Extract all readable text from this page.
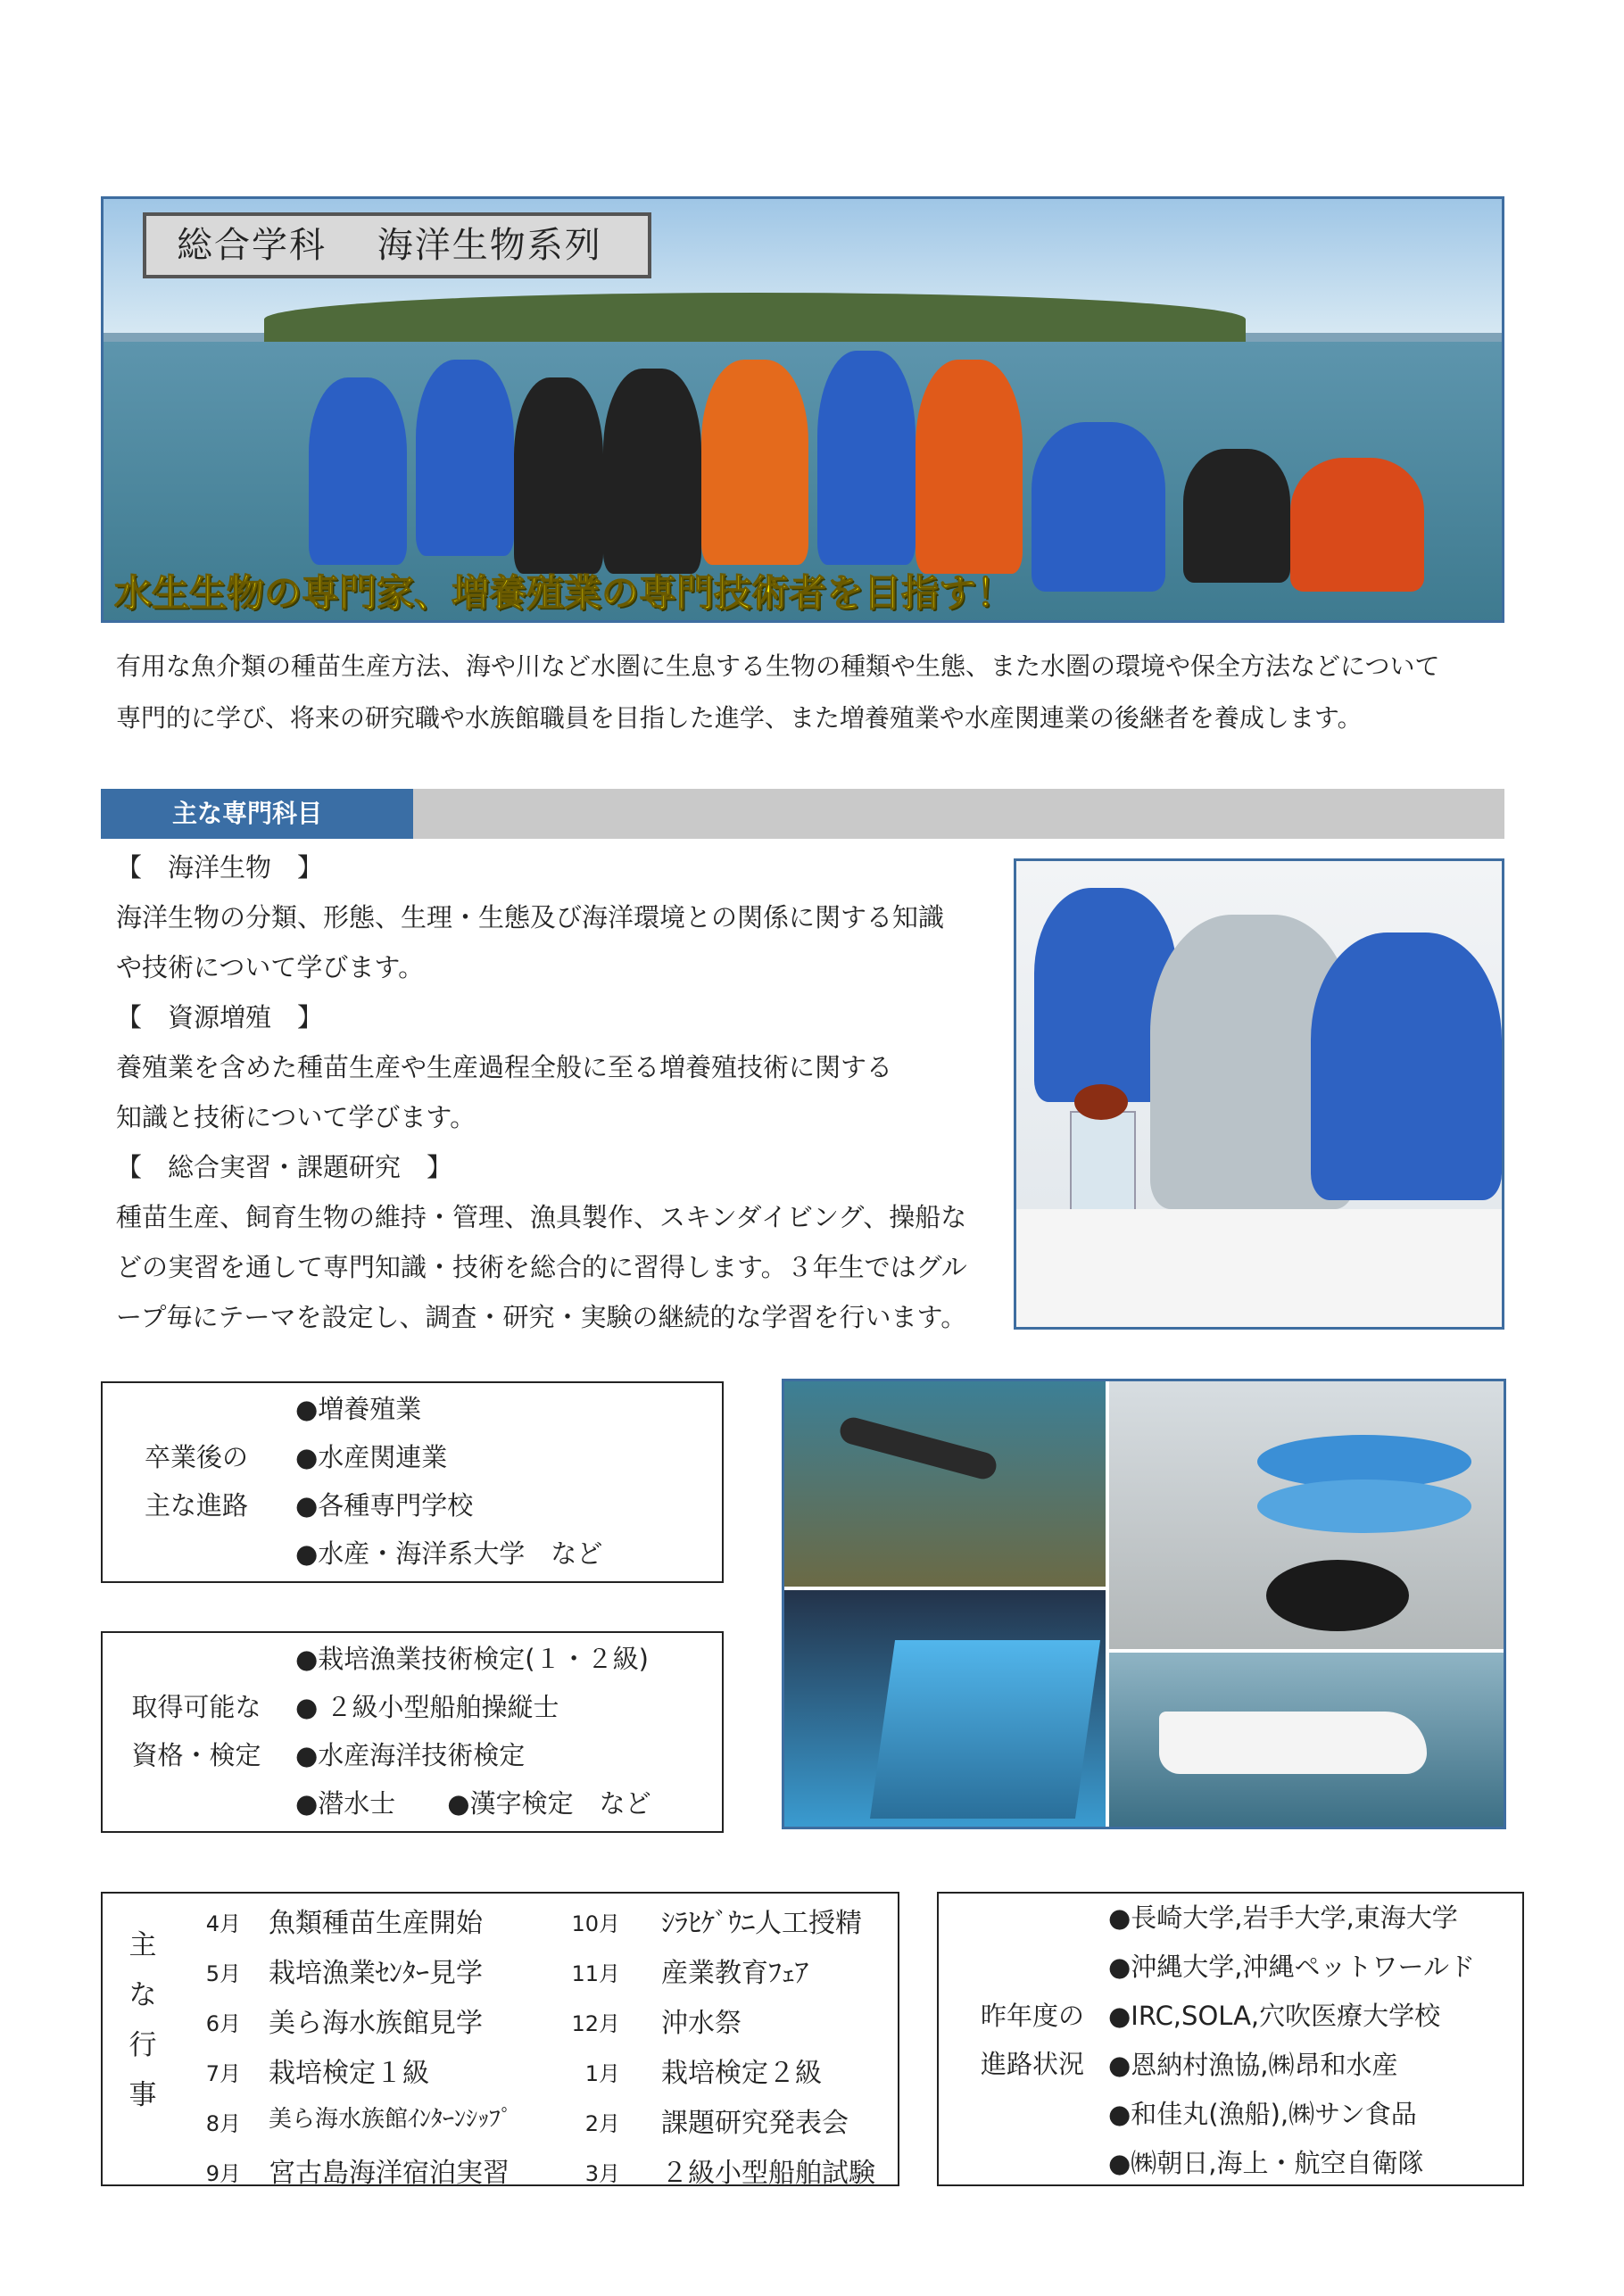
総合学科　 海洋生物系列
水生生物の専門家、増養殖業の専門技術者を目指す！
有用な魚介類の種苗生産方法、海や川など水圏に生息する生物の種類や生態、また水圏の環境や保全方法などについて
専門的に学び、将来の研究職や水族館職員を目指した進学、また増養殖業や水産関連業の後継者を養成します。
主な専門科目
【　海洋生物　】
海洋生物の分類、形態、生理・生態及び海洋環境との関係に関する知識
や技術について学びます。
【　資源増殖　】
養殖業を含めた種苗生産や生産過程全般に至る増養殖技術に関する
知識と技術について学びます。
【　総合実習・課題研究　】
種苗生産、飼育生物の維持・管理、漁具製作、スキンダイビング、操船な
どの実習を通して専門知識・技術を総合的に習得します。３年生ではグル
ープ毎にテーマを設定し、調査・研究・実験の継続的な学習を行います。
卒業後の
主な進路
●増養殖業
●水産関連業
●各種専門学校
●水産・海洋系大学　など
取得可能な
資格・検定
●栽培漁業技術検定(１・２級)
● ２級小型船舶操縦士
●水産海洋技術検定
●潜水士　　●漢字検定　など
主
な
行
事
4月 魚類種苗生産開始
5月 栽培漁業ｾﾝﾀｰ見学
6月 美ら海水族館見学
7月 栽培検定１級
8月 美ら海水族館ｲﾝﾀｰﾝｼｯﾌﾟ
9月 宮古島海洋宿泊実習
10月 ｼﾗﾋｹﾞｳﾆ人工授精
11月 産業教育ﾌｪｱ
12月 沖水祭
1月 栽培検定２級
2月 課題研究発表会
3月 ２級小型船舶試験
昨年度の
進路状況
●長崎大学,岩手大学,東海大学
●沖縄大学,沖縄ペットワールド
●IRC,SOLA,穴吹医療大学校
●恩納村漁協,㈱昂和水産
●和佳丸(漁船),㈱サン食品
●㈱朝日,海上・航空自衛隊
